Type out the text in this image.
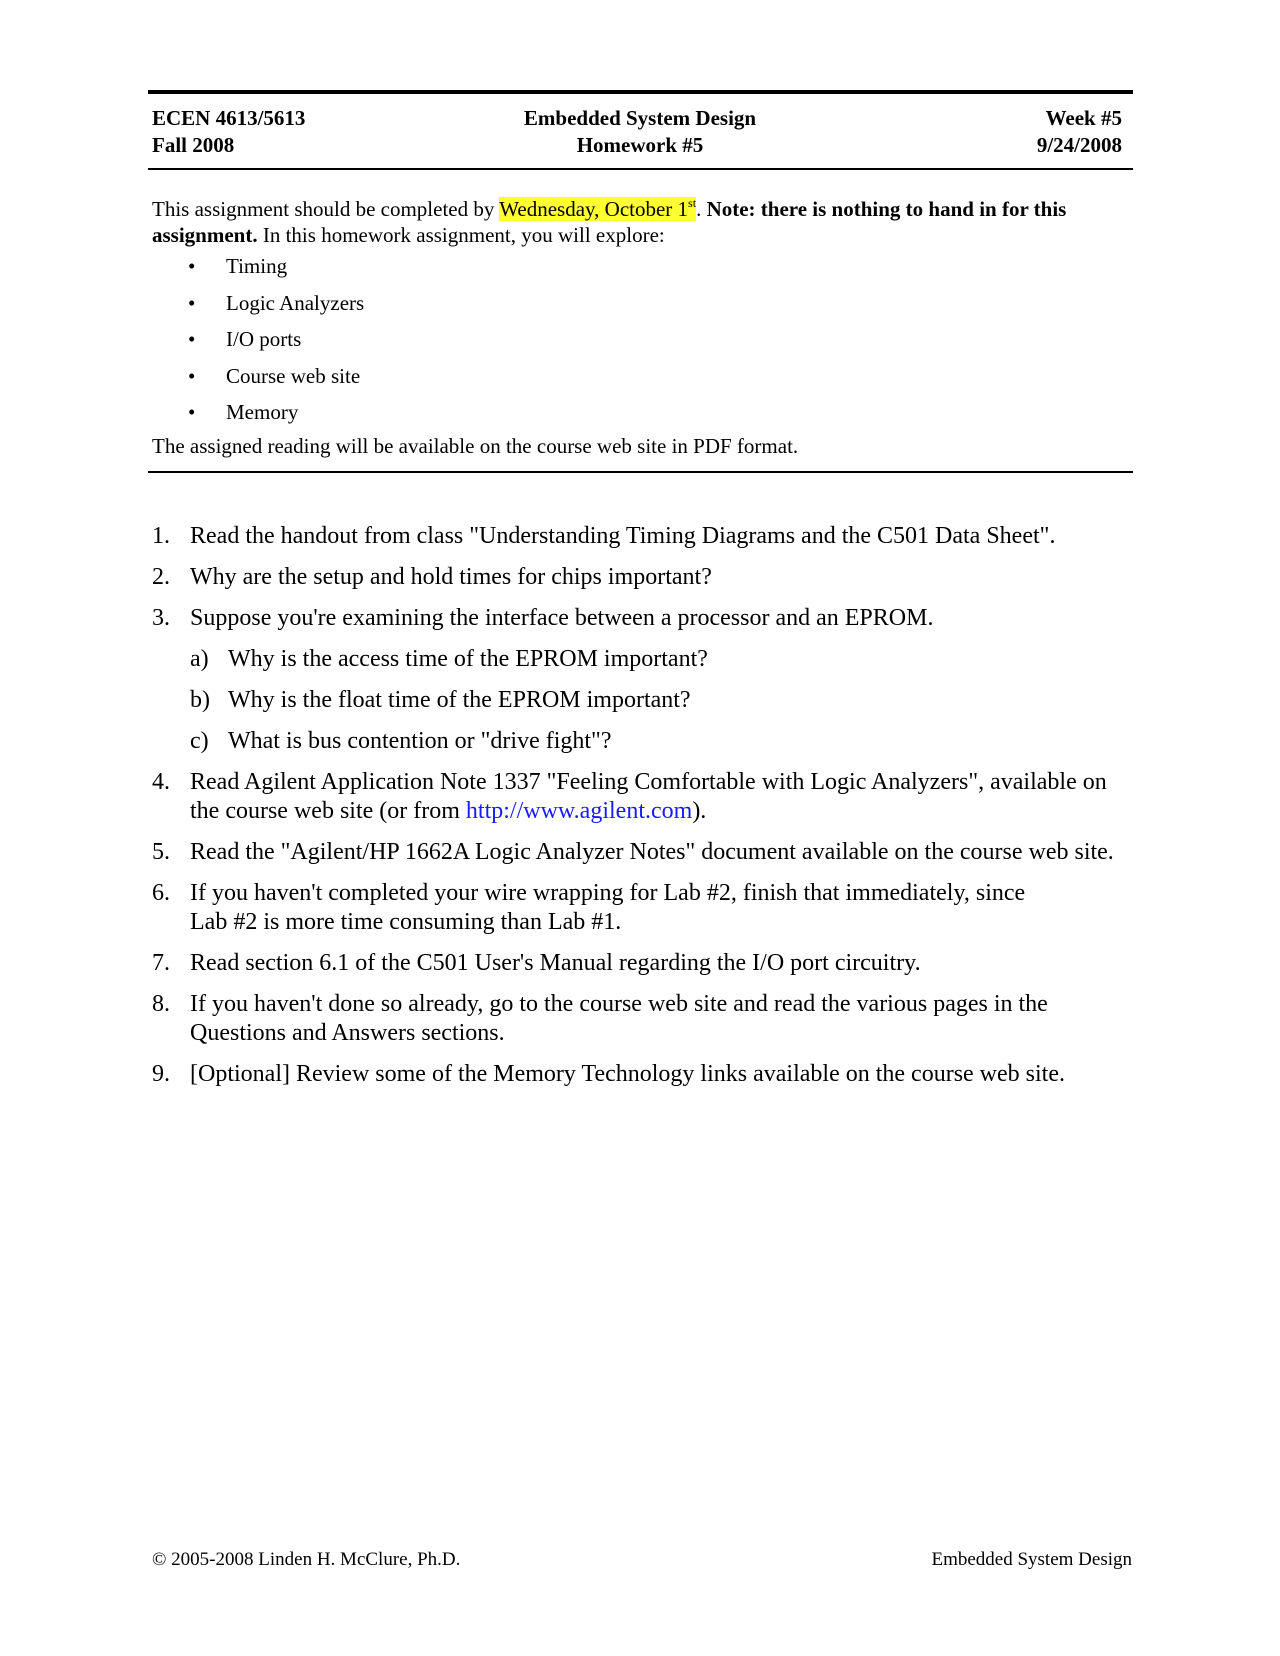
ECEN 4613/5613
Fall 2008
Embedded System Design
Homework #5
Week #5
9/24/2008
This assignment should be completed by Wednesday, October 1st. Note: there is nothing to hand in for this assignment. In this homework assignment, you will explore:
• Timing
• Logic Analyzers
• I/O ports
• Course web site
• Memory
The assigned reading will be available on the course web site in PDF format.
1. Read the handout from class "Understanding Timing Diagrams and the C501 Data Sheet".
2. Why are the setup and hold times for chips important?
3. Suppose you're examining the interface between a processor and an EPROM.
a) Why is the access time of the EPROM important?
b) Why is the float time of the EPROM important?
c) What is bus contention or "drive fight"?
4. Read Agilent Application Note 1337 "Feeling Comfortable with Logic Analyzers", available on the course web site (or from http://www.agilent.com).
5. Read the "Agilent/HP 1662A Logic Analyzer Notes" document available on the course web site.
6. If you haven't completed your wire wrapping for Lab #2, finish that immediately, since Lab #2 is more time consuming than Lab #1.
7. Read section 6.1 of the C501 User's Manual regarding the I/O port circuitry.
8. If you haven't done so already, go to the course web site and read the various pages in the Questions and Answers sections.
9. [Optional] Review some of the Memory Technology links available on the course web site.
© 2005-2008 Linden H. McClure, Ph.D.	Embedded System Design
